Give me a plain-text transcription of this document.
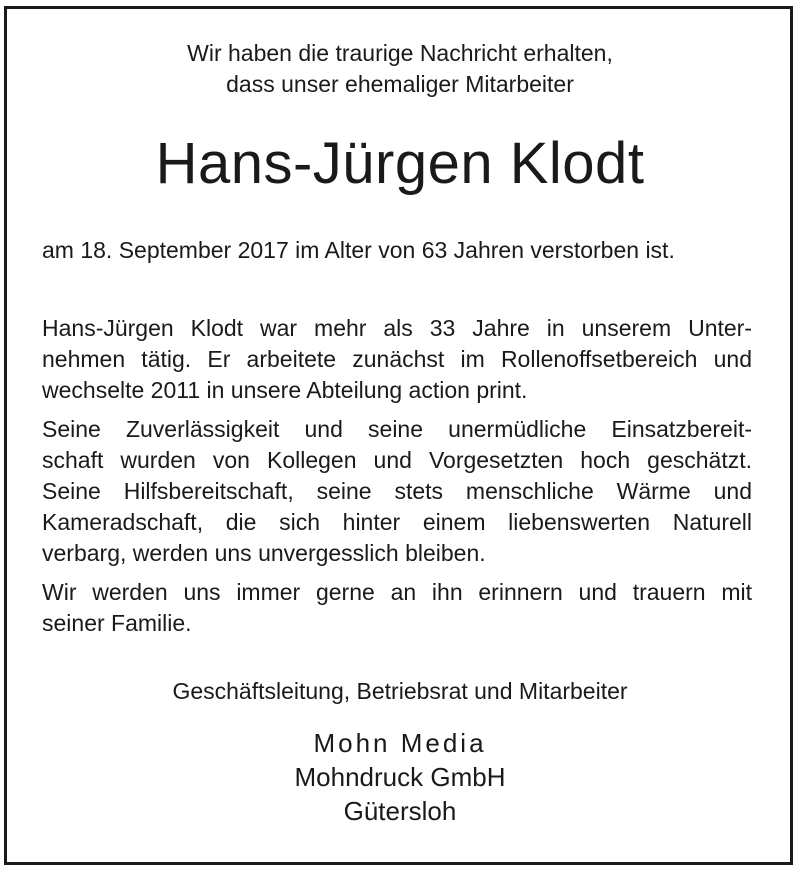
Wir haben die traurige Nachricht erhalten,
dass unser ehemaliger Mitarbeiter
Hans-Jürgen Klodt
am 18. September 2017 im Alter von 63 Jahren verstorben ist.
Hans-Jürgen Klodt war mehr als 33 Jahre in unserem Unter-
nehmen tätig. Er arbeitete zunächst im Rollenoffsetbereich und
wechselte 2011 in unsere Abteilung action print.
Seine Zuverlässigkeit und seine unermüdliche Einsatzbereit-
schaft wurden von Kollegen und Vorgesetzten hoch geschätzt.
Seine Hilfsbereitschaft, seine stets menschliche Wärme und
Kameradschaft, die sich hinter einem liebenswerten Naturell
verbarg, werden uns unvergesslich bleiben.
Wir werden uns immer gerne an ihn erinnern und trauern mit
seiner Familie.
Geschäftsleitung, Betriebsrat und Mitarbeiter
Mohn Media
Mohndruck GmbH
Gütersloh
